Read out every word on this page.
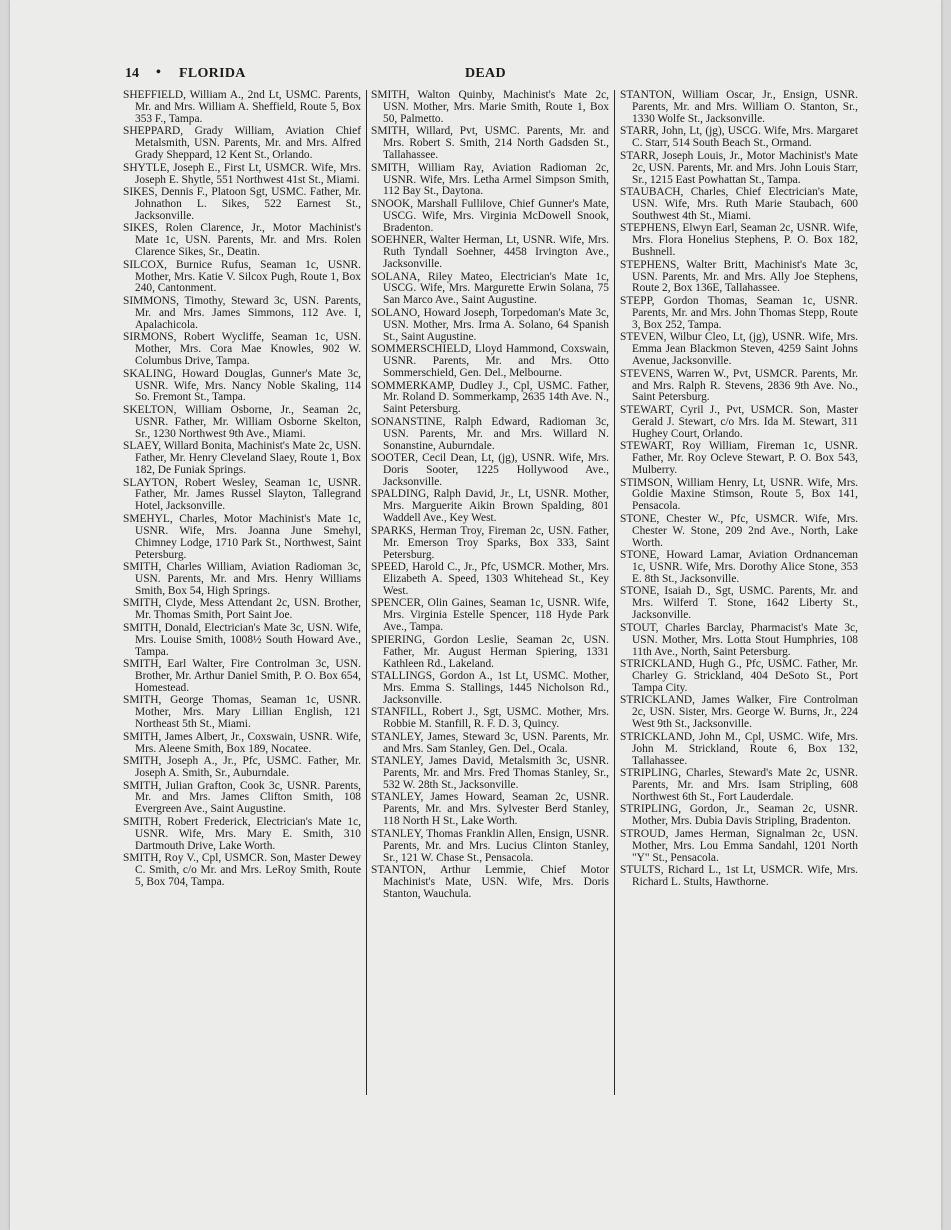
14 • FLORIDA	DEAD

SHEFFIELD, William A., 2nd Lt, USMC. Parents, Mr. and Mrs. William A. Sheffield, Route 5, Box 353 F., Tampa.

SHEPPARD, Grady William, Aviation Chief Metalsmith, USN. Parents, Mr. and Mrs. Alfred Grady Sheppard, 12 Kent St., Orlando.

SHYTLE, Joseph E., First Lt, USMCR. Wife, Mrs. Joseph E. Shytle, 551 Northwest 41st St., Miami.

SIKES, Dennis F., Platoon Sgt, USMC. Father, Mr. Johnathon L. Sikes, 522 Earnest St., Jacksonville.

SIKES, Rolen Clarence, Jr., Motor Machinist's Mate 1c, USN. Parents, Mr. and Mrs. Rolen Clarence Sikes, Sr., Deatin.

SILCOX, Burnice Rufus, Seaman 1c, USNR. Mother, Mrs. Katie V. Silcox Pugh, Route 1, Box 240, Cantonment.

SIMMONS, Timothy, Steward 3c, USN. Parents, Mr. and Mrs. James Simmons, 112 Ave. I, Apalachicola.

SIRMONS, Robert Wycliffe, Seaman 1c, USN. Mother, Mrs. Cora Mae Knowles, 902 W. Columbus Drive, Tampa.

SKALING, Howard Douglas, Gunner's Mate 3c, USNR. Wife, Mrs. Nancy Noble Skaling, 114 So. Fremont St., Tampa.

SKELTON, William Osborne, Jr., Seaman 2c, USNR. Father, Mr. William Osborne Skelton, Sr., 1230 Northwest 9th Ave., Miami.

SLAEY, Willard Bonita, Machinist's Mate 2c, USN. Father, Mr. Henry Cleveland Slaey, Route 1, Box 182, De Funiak Springs.

SLAYTON, Robert Wesley, Seaman 1c, USNR. Father, Mr. James Russel Slayton, Tallegrand Hotel, Jacksonville.

SMEHYL, Charles, Motor Machinist's Mate 1c, USNR. Wife, Mrs. Joanna June Smehyl, Chimney Lodge, 1710 Park St., Northwest, Saint Petersburg.

SMITH, Charles William, Aviation Radioman 3c, USN. Parents, Mr. and Mrs. Henry Williams Smith, Box 54, High Springs.

SMITH, Clyde, Mess Attendant 2c, USN. Brother, Mr. Thomas Smith, Port Saint Joe.

SMITH, Donald, Electrician's Mate 3c, USN. Wife, Mrs. Louise Smith, 1008½ South Howard Ave., Tampa.

SMITH, Earl Walter, Fire Controlman 3c, USN. Brother, Mr. Arthur Daniel Smith, P. O. Box 654, Homestead.

SMITH, George Thomas, Seaman 1c, USNR. Mother, Mrs. Mary Lillian English, 121 Northeast 5th St., Miami.

SMITH, James Albert, Jr., Coxswain, USNR. Wife, Mrs. Aleene Smith, Box 189, Nocatee.

SMITH, Joseph A., Jr., Pfc, USMC. Father, Mr. Joseph A. Smith, Sr., Auburndale.

SMITH, Julian Grafton, Cook 3c, USNR. Parents, Mr. and Mrs. James Clifton Smith, 108 Evergreen Ave., Saint Augustine.

SMITH, Robert Frederick, Electrician's Mate 1c, USNR. Wife, Mrs. Mary E. Smith, 310 Dartmouth Drive, Lake Worth.

SMITH, Roy V., Cpl, USMCR. Son, Master Dewey C. Smith, c/o Mr. and Mrs. LeRoy Smith, Route 5, Box 704, Tampa.

SMITH, Walton Quinby, Machinist's Mate 2c, USN. Mother, Mrs. Marie Smith, Route 1, Box 50, Palmetto.

SMITH, Willard, Pvt, USMC. Parents, Mr. and Mrs. Robert S. Smith, 214 North Gadsden St., Tallahassee.

SMITH, William Ray, Aviation Radioman 2c, USNR. Wife, Mrs. Letha Armel Simpson Smith, 112 Bay St., Daytona.

SNOOK, Marshall Fullilove, Chief Gunner's Mate, USCG. Wife, Mrs. Virginia McDowell Snook, Bradenton.

SOEHNER, Walter Herman, Lt, USNR. Wife, Mrs. Ruth Tyndall Soehner, 4458 Irvington Ave., Jacksonville.

SOLANA, Riley Mateo, Electrician's Mate 1c, USCG. Wife, Mrs. Margurette Erwin Solana, 75 San Marco Ave., Saint Augustine.

SOLANO, Howard Joseph, Torpedoman's Mate 3c, USN. Mother, Mrs. Irma A. Solano, 64 Spanish St., Saint Augustine.

SOMMERSCHIELD, Lloyd Hammond, Coxswain, USNR. Parents, Mr. and Mrs. Otto Sommerschield, Gen. Del., Melbourne.

SOMMERKAMP, Dudley J., Cpl, USMC. Father, Mr. Roland D. Sommerkamp, 2635 14th Ave. N., Saint Petersburg.

SONANSTINE, Ralph Edward, Radioman 3c, USN. Parents, Mr. and Mrs. Willard N. Sonanstine, Auburndale.

SOOTER, Cecil Dean, Lt, (jg), USNR. Wife, Mrs. Doris Sooter, 1225 Hollywood Ave., Jacksonville.

SPALDING, Ralph David, Jr., Lt, USNR. Mother, Mrs. Marguerite Aikin Brown Spalding, 801 Waddell Ave., Key West.

SPARKS, Herman Troy, Fireman 2c, USN. Father, Mr. Emerson Troy Sparks, Box 333, Saint Petersburg.

SPEED, Harold C., Jr., Pfc, USMCR. Mother, Mrs. Elizabeth A. Speed, 1303 Whitehead St., Key West.

SPENCER, Olin Gaines, Seaman 1c, USNR. Wife, Mrs. Virginia Estelle Spencer, 118 Hyde Park Ave., Tampa.

SPIERING, Gordon Leslie, Seaman 2c, USN. Father, Mr. August Herman Spiering, 1331 Kathleen Rd., Lakeland.

STALLINGS, Gordon A., 1st Lt, USMC. Mother, Mrs. Emma S. Stallings, 1445 Nicholson Rd., Jacksonville.

STANFILL, Robert J., Sgt, USMC. Mother, Mrs. Robbie M. Stanfill, R. F. D. 3, Quincy.

STANLEY, James, Steward 3c, USN. Parents, Mr. and Mrs. Sam Stanley, Gen. Del., Ocala.

STANLEY, James David, Metalsmith 3c, USNR. Parents, Mr. and Mrs. Fred Thomas Stanley, Sr., 532 W. 28th St., Jacksonville.

STANLEY, James Howard, Seaman 2c, USNR. Parents, Mr. and Mrs. Sylvester Berd Stanley, 118 North H St., Lake Worth.

STANLEY, Thomas Franklin Allen, Ensign, USNR. Parents, Mr. and Mrs. Lucius Clinton Stanley, Sr., 121 W. Chase St., Pensacola.

STANTON, Arthur Lemmie, Chief Motor Machinist's Mate, USN. Wife, Mrs. Doris Stanton, Wauchula.

STANTON, William Oscar, Jr., Ensign, USNR. Parents, Mr. and Mrs. William O. Stanton, Sr., 1330 Wolfe St., Jacksonville.

STARR, John, Lt, (jg), USCG. Wife, Mrs. Margaret C. Starr, 514 South Beach St., Ormand.

STARR, Joseph Louis, Jr., Motor Machinist's Mate 2c, USN. Parents, Mr. and Mrs. John Louis Starr, Sr., 1215 East Powhattan St., Tampa.

STAUBACH, Charles, Chief Electrician's Mate, USN. Wife, Mrs. Ruth Marie Staubach, 600 Southwest 4th St., Miami.

STEPHENS, Elwyn Earl, Seaman 2c, USNR. Wife, Mrs. Flora Honelius Stephens, P. O. Box 182, Bushnell.

STEPHENS, Walter Britt, Machinist's Mate 3c, USN. Parents, Mr. and Mrs. Ally Joe Stephens, Route 2, Box 136E, Tallahassee.

STEPP, Gordon Thomas, Seaman 1c, USNR. Parents, Mr. and Mrs. John Thomas Stepp, Route 3, Box 252, Tampa.

STEVEN, Wilbur Cleo, Lt, (jg), USNR. Wife, Mrs. Emma Jean Blackmon Steven, 4259 Saint Johns Avenue, Jacksonville.

STEVENS, Warren W., Pvt, USMCR. Parents, Mr. and Mrs. Ralph R. Stevens, 2836 9th Ave. No., Saint Petersburg.

STEWART, Cyril J., Pvt, USMCR. Son, Master Gerald J. Stewart, c/o Mrs. Ida M. Stewart, 311 Hughey Court, Orlando.

STEWART, Roy William, Fireman 1c, USNR. Father, Mr. Roy Ocleve Stewart, P. O. Box 543, Mulberry.

STIMSON, William Henry, Lt, USNR. Wife, Mrs. Goldie Maxine Stimson, Route 5, Box 141, Pensacola.

STONE, Chester W., Pfc, USMCR. Wife, Mrs. Chester W. Stone, 209 2nd Ave., North, Lake Worth.

STONE, Howard Lamar, Aviation Ordnanceman 1c, USNR. Wife, Mrs. Dorothy Alice Stone, 353 E. 8th St., Jacksonville.

STONE, Isaiah D., Sgt, USMC. Parents, Mr. and Mrs. Wilferd T. Stone, 1642 Liberty St., Jacksonville.

STOUT, Charles Barclay, Pharmacist's Mate 3c, USN. Mother, Mrs. Lotta Stout Humphries, 108 11th Ave., North, Saint Petersburg.

STRICKLAND, Hugh G., Pfc, USMC. Father, Mr. Charley G. Strickland, 404 DeSoto St., Port Tampa City.

STRICKLAND, James Walker, Fire Controlman 2c, USN. Sister, Mrs. George W. Burns, Jr., 224 West 9th St., Jacksonville.

STRICKLAND, John M., Cpl, USMC. Wife, Mrs. John M. Strickland, Route 6, Box 132, Tallahassee.

STRIPLING, Charles, Steward's Mate 2c, USNR. Parents, Mr. and Mrs. Isam Stripling, 608 Northwest 6th St., Fort Lauderdale.

STRIPLING, Gordon, Jr., Seaman 2c, USNR. Mother, Mrs. Dubia Davis Stripling, Bradenton.

STROUD, James Herman, Signalman 2c, USN. Mother, Mrs. Lou Emma Sandahl, 1201 North "Y" St., Pensacola.

STULTS, Richard L., 1st Lt, USMCR. Wife, Mrs. Richard L. Stults, Hawthorne.
